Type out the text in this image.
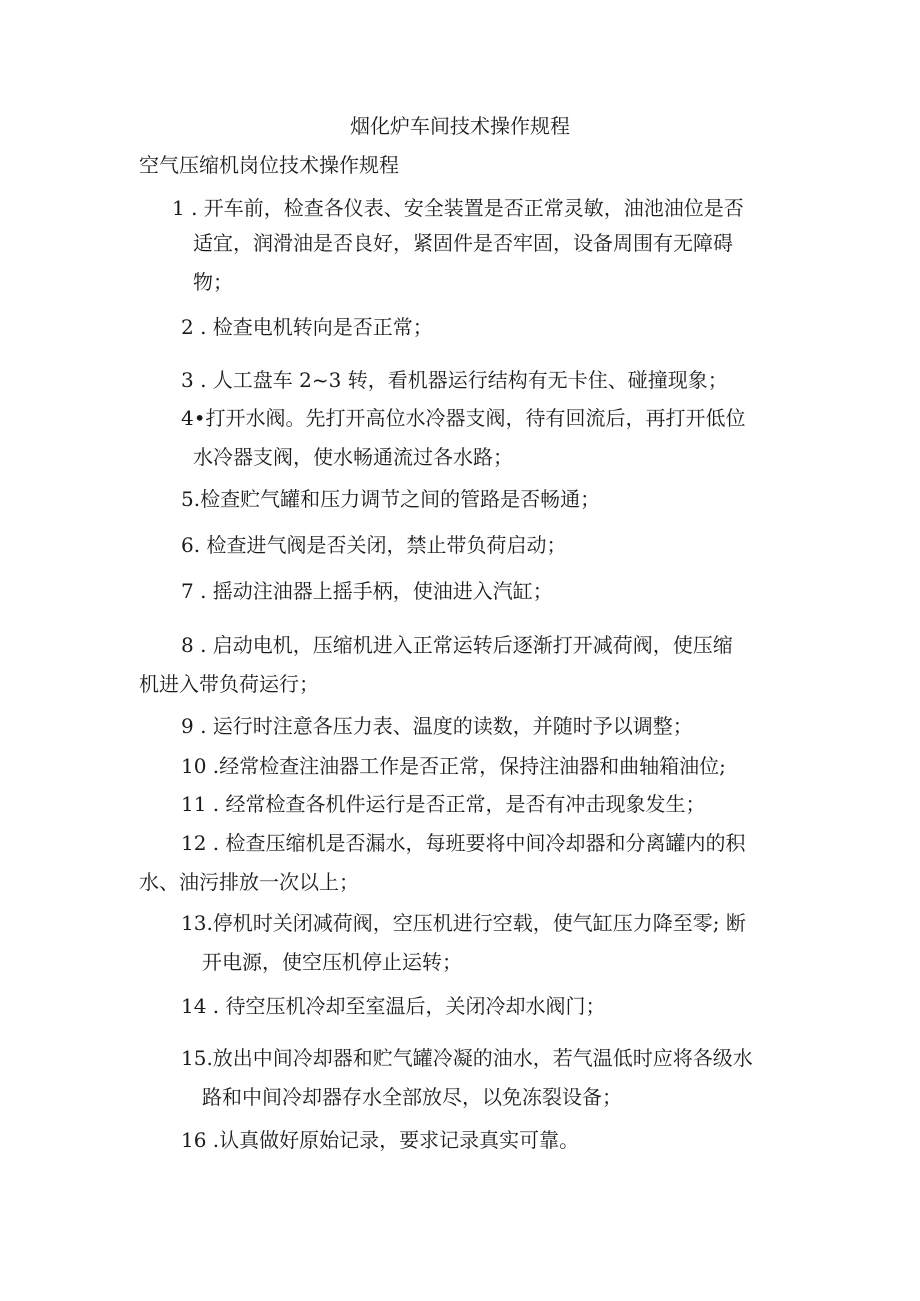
烟化炉车间技术操作规程
空气压缩机岗位技术操作规程
1 . 开车前，检查各仪表、安全装置是否正常灵敏，油池油位是否
适宜，润滑油是否良好，紧固件是否牢固，设备周围有无障碍
物；
2 . 检查电机转向是否正常；
3 . 人工盘车 2~3 转，看机器运行结构有无卡住、碰撞现象；
4•打开水阀。先打开高位水冷器支阀，待有回流后，再打开低位
水冷器支阀，使水畅通流过各水路；
5.检查贮气罐和压力调节之间的管路是否畅通；
6. 检查进气阀是否关闭，禁止带负荷启动；
7 . 摇动注油器上摇手柄，使油进入汽缸；
8 . 启动电机，压缩机进入正常运转后逐渐打开减荷阀，使压缩
机进入带负荷运行；
9 . 运行时注意各压力表、温度的读数，并随时予以调整；
10 .经常检查注油器工作是否正常，保持注油器和曲轴箱油位;
11 . 经常检查各机件运行是否正常，是否有冲击现象发生；
12 . 检查压缩机是否漏水，每班要将中间冷却器和分离罐内的积
水、油污排放一次以上；
13.停机时关闭减荷阀，空压机进行空载，使气缸压力降至零; 断
开电源，使空压机停止运转；
14 . 待空压机冷却至室温后，关闭冷却水阀门；
15.放出中间冷却器和贮气罐冷凝的油水，若气温低时应将各级水
路和中间冷却器存水全部放尽，以免冻裂设备；
16 .认真做好原始记录，要求记录真实可靠。
